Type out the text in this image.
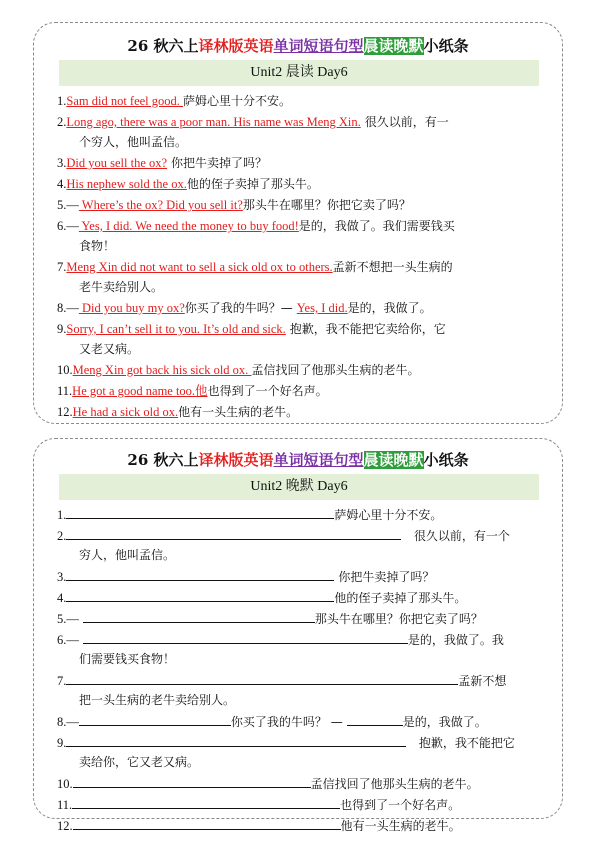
26 秋六上译林版英语单词短语句型晨读晚默小纸条
Unit2 晨读 Day6
1.Sam did not feel good. 萨姆心里十分不安。
2.Long ago, there was a poor man. His name was Meng Xin. 很久以前，有一
个穷人，他叫孟信。
3.Did you sell the ox? 你把牛卖掉了吗？
4.His nephew sold the ox.他的侄子卖掉了那头牛。
5.— Where’s the ox? Did you sell it?那头牛在哪里？你把它卖了吗？
6.— Yes, I did. We need the money to buy food!是的，我做了。我们需要钱买
食物！
7.Meng Xin did not want to sell a sick old ox to others.孟新不想把一头生病的
老牛卖给别人。
8.— Did you buy my ox?你买了我的牛吗？— Yes, I did.是的，我做了。
9.Sorry, I can’t sell it to you. It’s old and sick. 抱歉，我不能把它卖给你，它
又老又病。
10.Meng Xin got back his sick old ox. 孟信找回了他那头生病的老牛。
11.He got a good name too.他也得到了一个好名声。
12.He had a sick old ox.他有一头生病的老牛。
26 秋六上译林版英语单词短语句型晨读晚默小纸条
Unit2 晚默 Day6
1.	萨姆心里十分不安。
2.　	很久以前，有一个
穷人，他叫孟信。
3.	你把牛卖掉了吗？
4.	他的侄子卖掉了那头牛。
5.—	那头牛在哪里？你把它卖了吗？
6.—	是的，我做了。我
们需要钱买食物！
7.	孟新不想
把一头生病的老牛卖给别人。
8.—	你买了我的牛吗？ —	是的，我做了。
9.　	抱歉，我不能把它
卖给你，它又老又病。
10.	孟信找回了他那头生病的老牛。
11.	也得到了一个好名声。
12.	他有一头生病的老牛。
